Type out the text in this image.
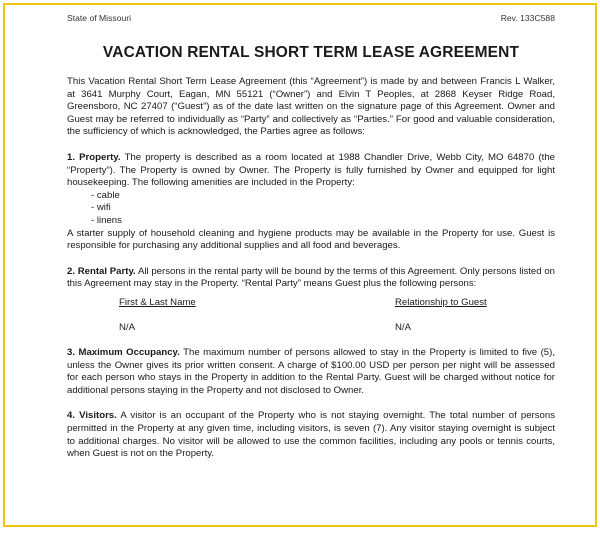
State of Missouri	Rev. 133C588
VACATION RENTAL SHORT TERM LEASE AGREEMENT

This Vacation Rental Short Term Lease Agreement (this “Agreement”) is made by and between Francis L Walker, at 3641 Murphy Court, Eagan, MN 55121 (“Owner”) and Elvin T Peoples, at 2868 Keyser Ridge Road, Greensboro, NC 27407 (“Guest”) as of the date last written on the signature page of this Agreement. Owner and Guest may be referred to individually as “Party” and collectively as “Parties.” For good and valuable consideration, the sufficiency of which is acknowledged, the Parties agree as follows:

1. Property. The property is described as a room located at 1988 Chandler Drive, Webb City, MO 64870 (the “Property”). The Property is owned by Owner. The Property is fully furnished by Owner and equipped for light housekeeping. The following amenities are included in the Property:

- cable
- wifi
- linens

A starter supply of household cleaning and hygiene products may be available in the Property for use. Guest is responsible for purchasing any additional supplies and all food and beverages.

2. Rental Party. All persons in the rental party will be bound by the terms of this Agreement. Only persons listed on this Agreement may stay in the Property. “Rental Party” means Guest plus the following persons:

First & Last Name
N/A
Relationship to Guest
N/A

3. Maximum Occupancy. The maximum number of persons allowed to stay in the Property is limited to five (5), unless the Owner gives its prior written consent. A charge of $100.00 USD per person per night will be assessed for each person who stays in the Property in addition to the Rental Party. Guest will be charged without notice for additional persons staying in the Property and not disclosed to Owner.

4. Visitors. A visitor is an occupant of the Property who is not staying overnight. The total number of persons permitted in the Property at any given time, including visitors, is seven (7). Any visitor staying overnight is subject to additional charges. No visitor will be allowed to use the common facilities, including any pools or tennis courts, when Guest is not on the Property.
